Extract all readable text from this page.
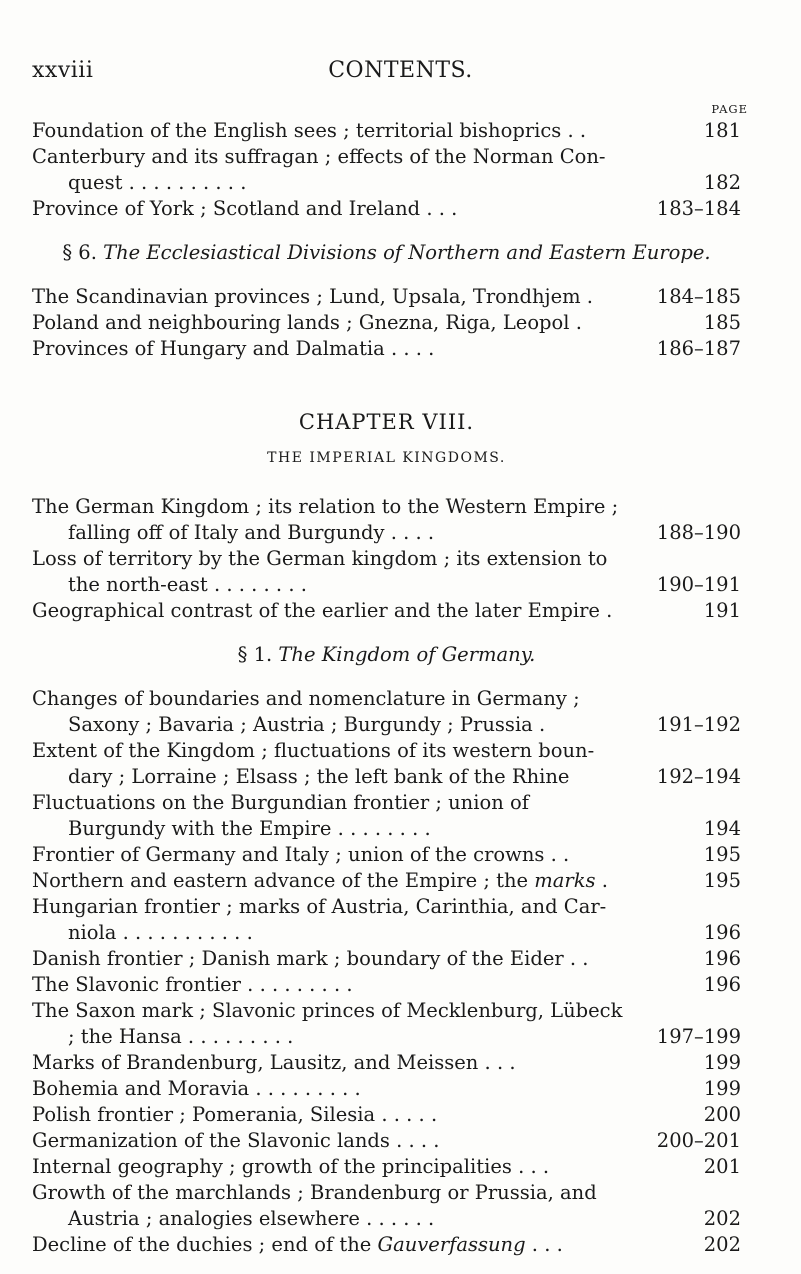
xxviii	CONTENTS.
PAGE

Foundation of the English sees ; territorial bishoprics . .	181

Canterbury and its suffragan ; effects of the Norman Con-quest . . . . . . . . . .	182

Province of York ; Scotland and Ireland . . .	183–184

§ 6. The Ecclesiastical Divisions of Northern and Eastern Europe.

The Scandinavian provinces ; Lund, Upsala, Trondhjem .	184–185

Poland and neighbouring lands ; Gnezna, Riga, Leopol .	185

Provinces of Hungary and Dalmatia . . . .	186–187

CHAPTER VIII.
THE IMPERIAL KINGDOMS.

The German Kingdom ; its relation to the Western Empire ; falling off of Italy and Burgundy . . . .	188–190

Loss of territory by the German kingdom ; its extension to the north-east . . . . . . . .	190–191

Geographical contrast of the earlier and the later Empire .	191

§ 1. The Kingdom of Germany.

Changes of boundaries and nomenclature in Germany ; Saxony ; Bavaria ; Austria ; Burgundy ; Prussia .	191–192

Extent of the Kingdom ; fluctuations of its western boun-dary ; Lorraine ; Elsass ; the left bank of the Rhine	192–194

Fluctuations on the Burgundian frontier ; union of Burgundy with the Empire . . . . . . . .	194

Frontier of Germany and Italy ; union of the crowns . .	195

Northern and eastern advance of the Empire ; the marks .	195

Hungarian frontier ; marks of Austria, Carinthia, and Car-niola . . . . . . . . . . .	196

Danish frontier ; Danish mark ; boundary of the Eider . .	196

The Slavonic frontier . . . . . . . . .	196

The Saxon mark ; Slavonic princes of Mecklenburg, Lübeck ; the Hansa . . . . . . . . .	197–199

Marks of Brandenburg, Lausitz, and Meissen . . .	199

Bohemia and Moravia . . . . . . . . .	199

Polish frontier ; Pomerania, Silesia . . . . .	200

Germanization of the Slavonic lands . . . .	200–201

Internal geography ; growth of the principalities . . .	201

Growth of the marchlands ; Brandenburg or Prussia, and Austria ; analogies elsewhere . . . . . .	202

Decline of the duchies ; end of the Gauverfassung . . .	202
